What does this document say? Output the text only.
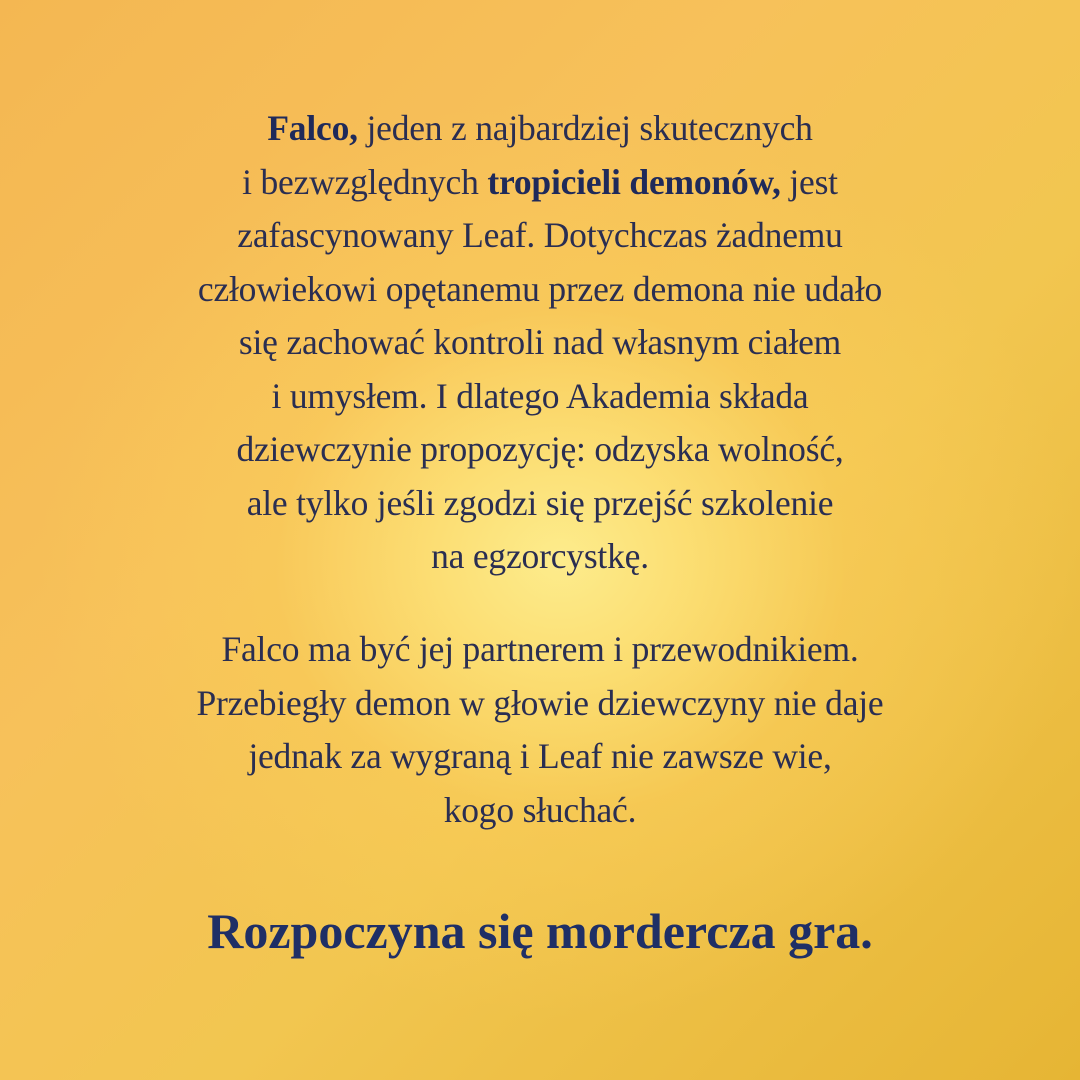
Falco, jeden z najbardziej skutecznych
i bezwzględnych tropicieli demonów, jest
zafascynowany Leaf. Dotychczas żadnemu
człowiekowi opętanemu przez demona nie udało
się zachować kontroli nad własnym ciałem
i umysłem. I dlatego Akademia składa
dziewczynie propozycję: odzyska wolność,
ale tylko jeśli zgodzi się przejść szkolenie
na egzorcystkę.
Falco ma być jej partnerem i przewodnikiem.
Przebiegły demon w głowie dziewczyny nie daje
jednak za wygraną i Leaf nie zawsze wie,
kogo słuchać.
Rozpoczyna się mordercza gra.
